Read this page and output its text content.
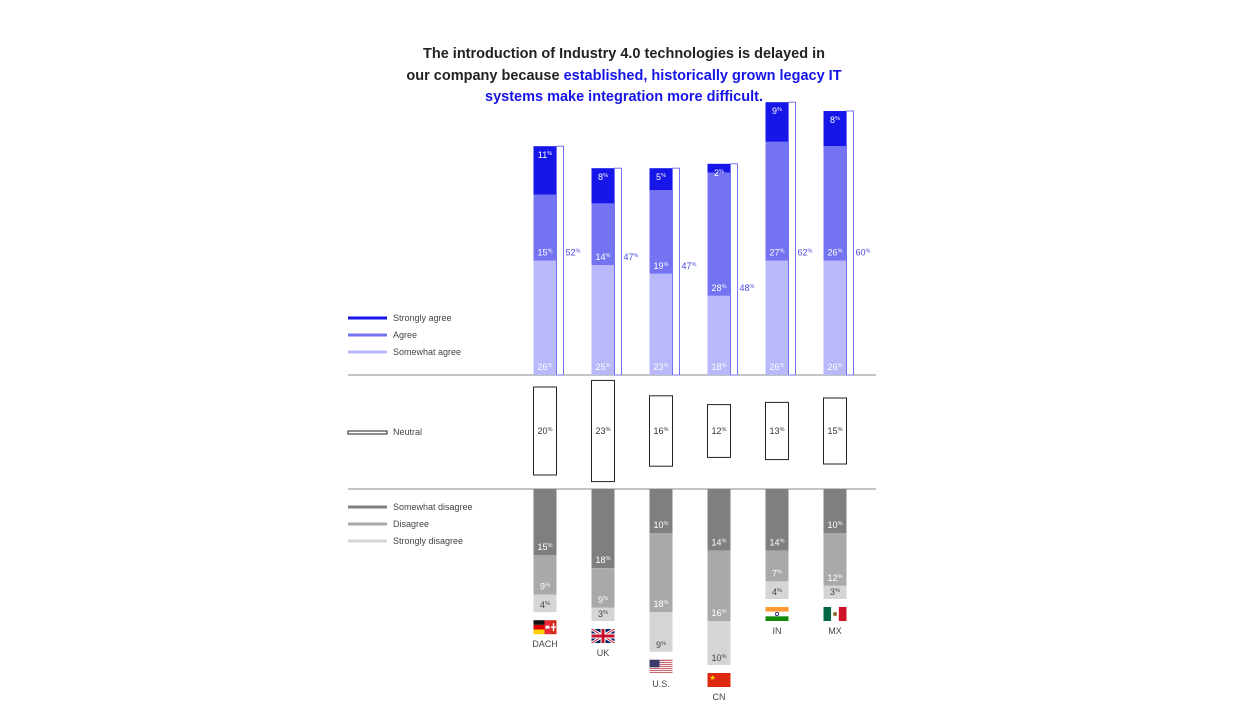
The introduction of Industry 4.0 technologies is delayed in
our company because established, historically grown legacy IT
systems make integration more difficult.
Strongly agree
Agree
Somewhat agree
Neutral
Somewhat disagree
Disagree
Strongly disagree
11%
15%
26%
52%
20%
15%
9%
4%
DACH
8%
14%
25%
47%
23%
18%
9%
3%
UK
5%
19%
23%
47%
16%
10%
18%
9%
U.S.
2%
28%
18%
48%
12%
14%
16%
10%
★
CN
9%
27%
26%
62%
13%
14%
7%
4%
IN
8%
26%
26%
60%
15%
10%
12%
3%
MX
